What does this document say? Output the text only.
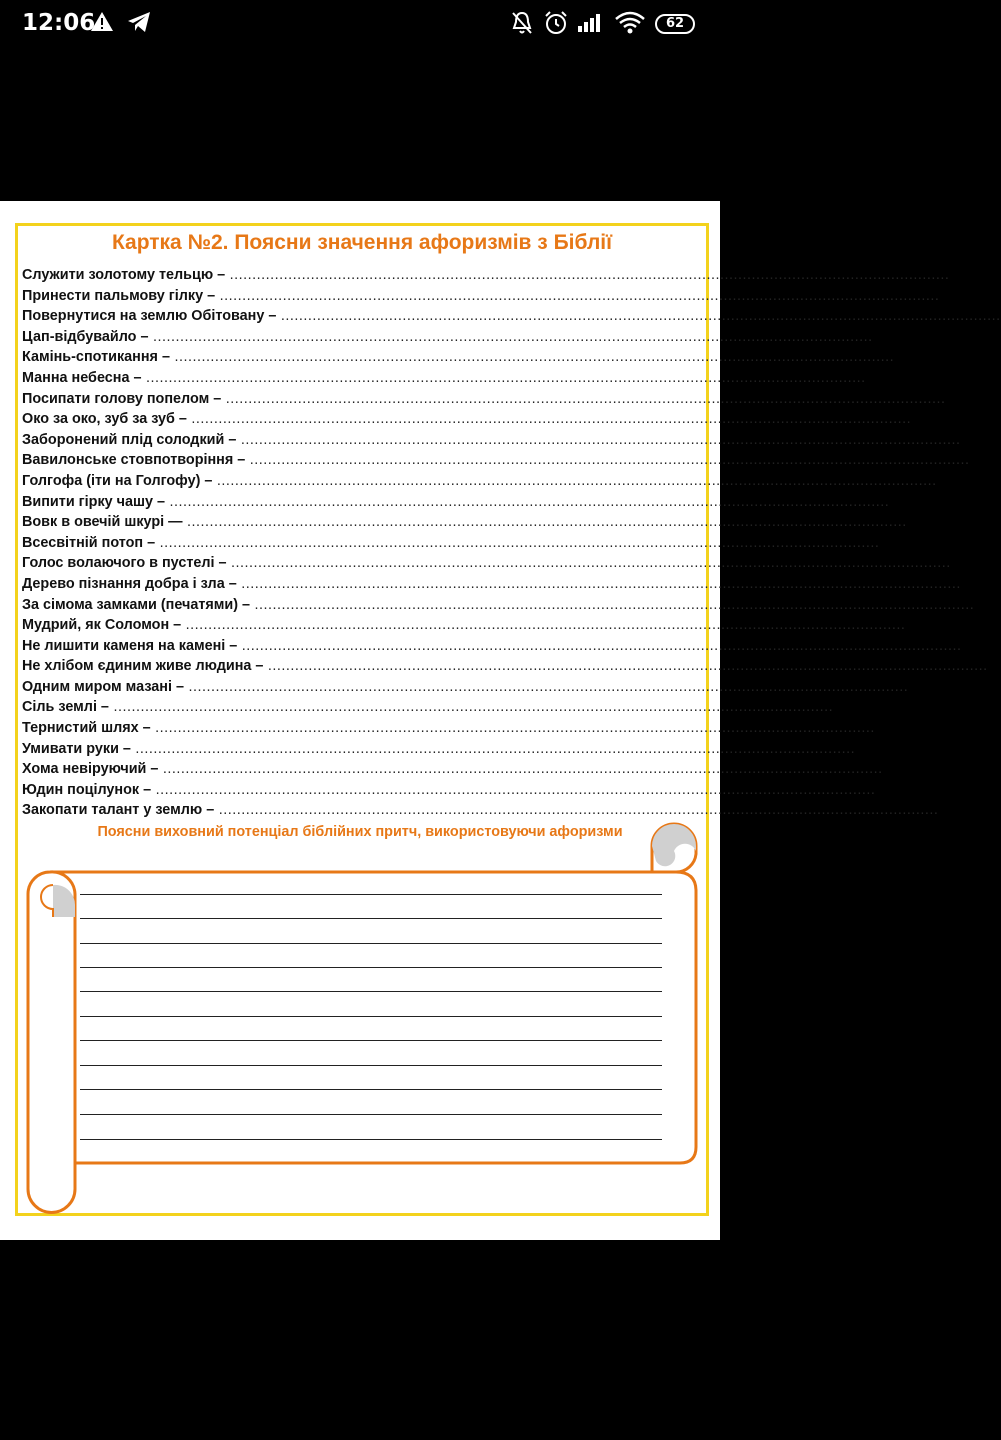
12:06	62
Картка №2. Поясни значення афоризмів з Біблії
Служити золотому тельцю – ................................................................................................................................................................
Принести пальмову гілку – ................................................................................................................................................................
Повернутися на землю Обітовану – ................................................................................................................................................................
Цап-відбувайло – ................................................................................................................................................................
Камінь-спотикання – ................................................................................................................................................................
Манна небесна – ................................................................................................................................................................
Посипати голову попелом – ................................................................................................................................................................
Око за око, зуб за зуб – ................................................................................................................................................................
Заборонений плід солодкий – ................................................................................................................................................................
Вавилонське стовпотворіння – ................................................................................................................................................................
Голгофа (іти на Голгофу) – ................................................................................................................................................................
Випити гірку чашу – ................................................................................................................................................................
Вовк в овечій шкурі — ................................................................................................................................................................
Всесвітній потоп – ................................................................................................................................................................
Голос волаючого в пустелі – ................................................................................................................................................................
Дерево пізнання добра і зла – ................................................................................................................................................................
За сімома замками (печатями) – ................................................................................................................................................................
Мудрий, як Соломон – ................................................................................................................................................................
Не лишити каменя на камені – ................................................................................................................................................................
Не хлібом єдиним живе людина – ................................................................................................................................................................
Одним миром мазані – ................................................................................................................................................................
Сіль землі – ................................................................................................................................................................
Тернистий шлях – ................................................................................................................................................................
Умивати руки – ................................................................................................................................................................
Хома невіруючий – ................................................................................................................................................................
Юдин поцілунок – ................................................................................................................................................................
Закопати талант у землю – ................................................................................................................................................................
Поясни виховний потенціал біблійних притч, використовуючи афоризми
